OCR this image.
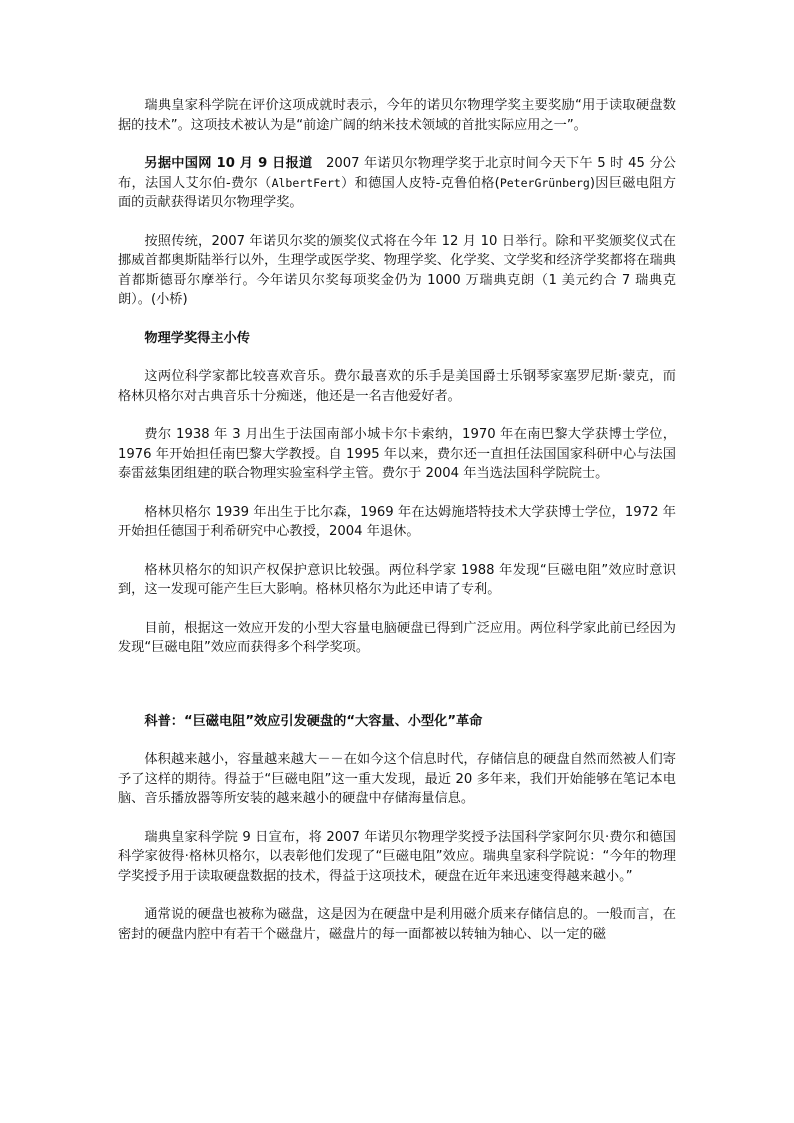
瑞典皇家科学院在评价这项成就时表示，今年的诺贝尔物理学奖主要奖励“用于读取硬盘数据的技术”。这项技术被认为是“前途广阔的纳米技术领域的首批实际应用之一”。

另据中国网 10 月 9 日报道　2007 年诺贝尔物理学奖于北京时间今天下午 5 时 45 分公布，法国人艾尔伯-费尔（AlbertFert）和德国人皮特-克鲁伯格(PeterGrünberg)因巨磁电阻方面的贡献获得诺贝尔物理学奖。

按照传统，2007 年诺贝尔奖的颁奖仪式将在今年 12 月 10 日举行。除和平奖颁奖仪式在挪威首都奥斯陆举行以外，生理学或医学奖、物理学奖、化学奖、文学奖和经济学奖都将在瑞典首都斯德哥尔摩举行。今年诺贝尔奖每项奖金仍为 1000 万瑞典克朗（1 美元约合 7 瑞典克朗）。(小桥)

物理学奖得主小传

这两位科学家都比较喜欢音乐。费尔最喜欢的乐手是美国爵士乐钢琴家塞罗尼斯·蒙克，而格林贝格尔对古典音乐十分痴迷，他还是一名吉他爱好者。

费尔 1938 年 3 月出生于法国南部小城卡尔卡索纳，1970 年在南巴黎大学获博士学位，1976 年开始担任南巴黎大学教授。自 1995 年以来，费尔还一直担任法国国家科研中心与法国泰雷兹集团组建的联合物理实验室科学主管。费尔于 2004 年当选法国科学院院士。

格林贝格尔 1939 年出生于比尔森，1969 年在达姆施塔特技术大学获博士学位，1972 年开始担任德国于利希研究中心教授，2004 年退休。

格林贝格尔的知识产权保护意识比较强。两位科学家 1988 年发现“巨磁电阻”效应时意识到，这一发现可能产生巨大影响。格林贝格尔为此还申请了专利。

目前，根据这一效应开发的小型大容量电脑硬盘已得到广泛应用。两位科学家此前已经因为发现“巨磁电阻”效应而获得多个科学奖项。

科普：“巨磁电阻”效应引发硬盘的“大容量、小型化”革命

体积越来越小，容量越来越大－－在如今这个信息时代，存储信息的硬盘自然而然被人们寄予了这样的期待。得益于“巨磁电阻”这一重大发现，最近 20 多年来，我们开始能够在笔记本电脑、音乐播放器等所安装的越来越小的硬盘中存储海量信息。

瑞典皇家科学院 9 日宣布，将 2007 年诺贝尔物理学奖授予法国科学家阿尔贝·费尔和德国科学家彼得·格林贝格尔，以表彰他们发现了“巨磁电阻”效应。瑞典皇家科学院说：“今年的物理学奖授予用于读取硬盘数据的技术，得益于这项技术，硬盘在近年来迅速变得越来越小。”

通常说的硬盘也被称为磁盘，这是因为在硬盘中是利用磁介质来存储信息的。一般而言，在密封的硬盘内腔中有若干个磁盘片，磁盘片的每一面都被以转轴为轴心、以一定的磁
